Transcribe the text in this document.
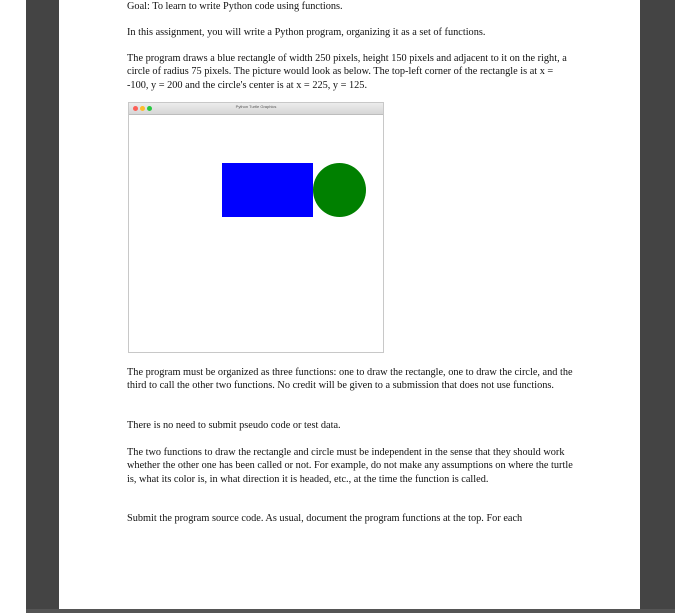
Goal: To learn to write Python code using functions.

In this assignment, you will write a Python program, organizing it as a set of functions.

The program draws a blue rectangle of width 250 pixels, height 150 pixels and adjacent to it on the right, a circle of radius 75 pixels. The picture would look as below. The top-left corner of the rectangle is at x = -100, y = 200 and the circle's center is at x = 225, y = 125.

Python Turtle Graphics

The program must be organized as three functions: one to draw the rectangle, one to draw the circle, and the third to call the other two functions. No credit will be given to a submission that does not use functions.

There is no need to submit pseudo code or test data.

The two functions to draw the rectangle and circle must be independent in the sense that they should work whether the other one has been called or not. For example, do not make any assumptions on where the turtle is, what its color is, in what direction it is headed, etc., at the time the function is called.

Submit the program source code. As usual, document the program functions at the top. For each
